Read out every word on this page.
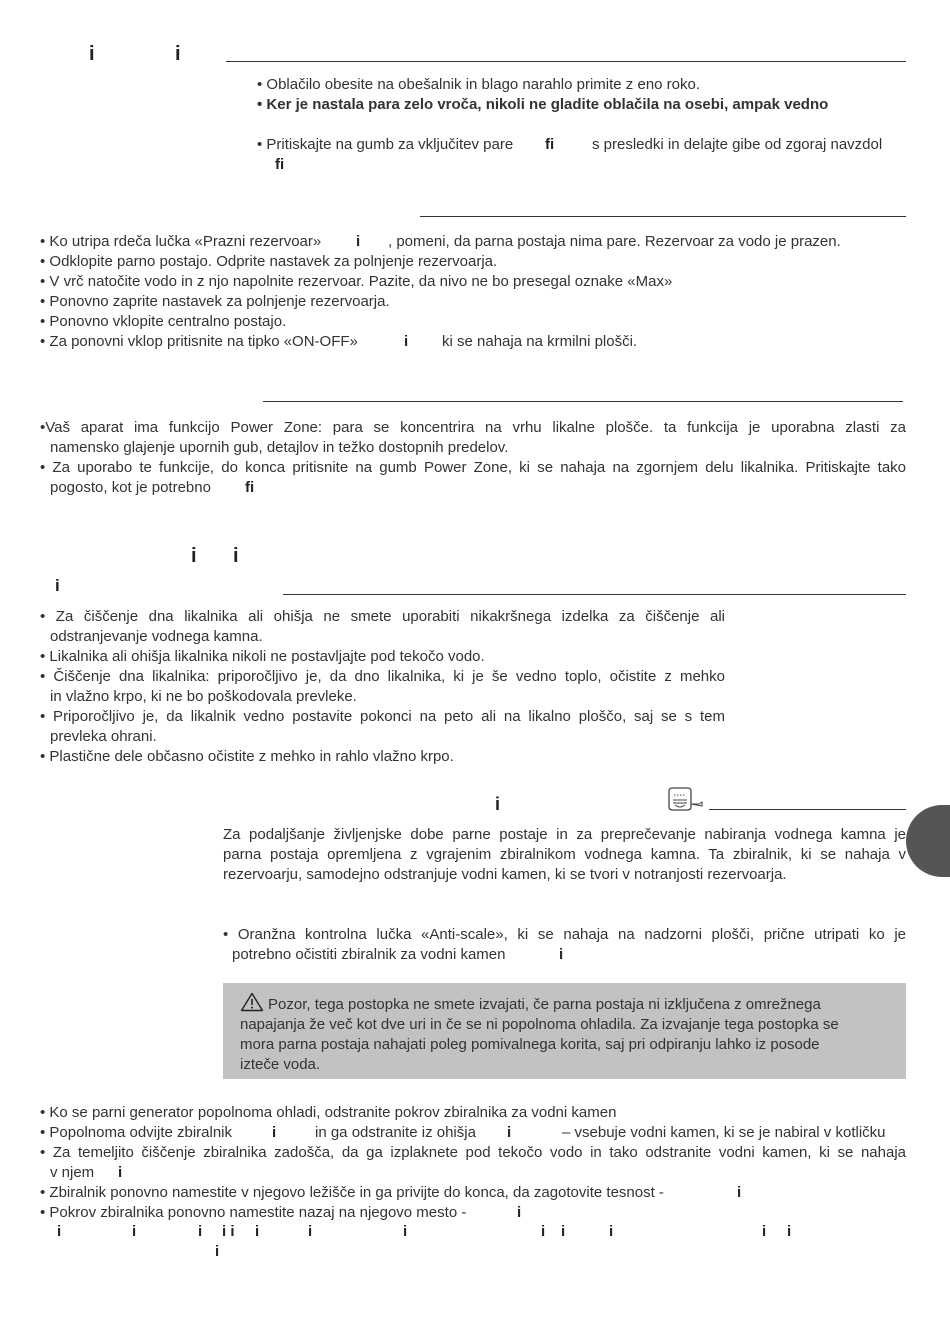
i	i
• Oblačilo obesite na obešalnik in blago narahlo primite z eno roko.
• Ker je nastala para zelo vroča, nikoli ne gladite oblačila na osebi, ampak vedno
• Pritiskajte na gumb za vključitev pare fi	s presledki in delajte gibe od zgoraj navzdol
fi
• Ko utripa rdeča lučka «Prazni rezervoar» i , pomeni, da parna postaja nima pare. Rezervoar za vodo je prazen.
• Odklopite parno postajo. Odprite nastavek za polnjenje rezervoarja.
• V vrč natočite vodo in z njo napolnite rezervoar. Pazite, da nivo ne bo presegal oznake «Max»
• Ponovno zaprite nastavek za polnjenje rezervoarja.
• Ponovno vklopite centralno postajo.
• Za ponovni vklop pritisnite na tipko «ON-OFF»	i ki se nahaja na krmilni plošči.
•Vaš aparat ima funkcijo Power Zone: para se koncentrira na vrhu likalne plošče. ta funkcija je uporabna zlasti za
namensko glajenje upornih gub, detajlov in težko dostopnih predelov.
• Za uporabo te funkcije, do konca pritisnite na gumb Power Zone, ki se nahaja na zgornjem delu likalnika. Pritiskajte tako
pogosto, kot je potrebno fi
i i
i
• Za čiščenje dna likalnika ali ohišja ne smete uporabiti nikakršnega izdelka za čiščenje ali
odstranjevanje vodnega kamna.
• Likalnika ali ohišja likalnika nikoli ne postavljajte pod tekočo vodo.
• Čiščenje dna likalnika: priporočljivo je, da dno likalnika, ki je še vedno toplo, očistite z mehko
in vlažno krpo, ki ne bo poškodovala prevleke.
• Priporočljivo je, da likalnik vedno postavite pokonci na peto ali na likalno ploščo, saj se s tem
prevleka ohrani.
• Plastične dele občasno očistite z mehko in rahlo vlažno krpo.
i
Za podaljšanje življenjske dobe parne postaje in za preprečevanje nabiranja vodnega kamna je
parna postaja opremljena z vgrajenim zbiralnikom vodnega kamna. Ta zbiralnik, ki se nahaja v
rezervoarju, samodejno odstranjuje vodni kamen, ki se tvori v notranjosti rezervoarja.
• Oranžna kontrolna lučka «Anti-scale», ki se nahaja na nadzorni plošči, prične utripati ko je
potrebno očistiti zbiralnik za vodni kamen	i
Pozor, tega postopka ne smete izvajati, če parna postaja ni izključena z omrežnega
napajanja že več kot dve uri in če se ni popolnoma ohladila. Za izvajanje tega postopka se
mora parna postaja nahajati poleg pomivalnega korita, saj pri odpiranju lahko iz posode
izteče voda.
• Ko se parni generator popolnoma ohladi, odstranite pokrov zbiralnika za vodni kamen
• Popolnoma odvijte zbiralnik	i	in ga odstranite iz ohišja i	– vsebuje vodni kamen, ki se je nabiral v kotličku
• Za temeljito čiščenje zbiralnika zadošča, da ga izplaknete pod tekočo vodo in tako odstranite vodni kamen, ki se nahaja
v njem i
• Zbiralnik ponovno namestite v njegovo ležišče in ga privijte do konca, da zagotovite tesnost -	i
• Pokrov zbiralnika ponovno namestite nazaj na njegovo mesto -	i
i	i	i i i i	i	i	i i	i	i i
i
